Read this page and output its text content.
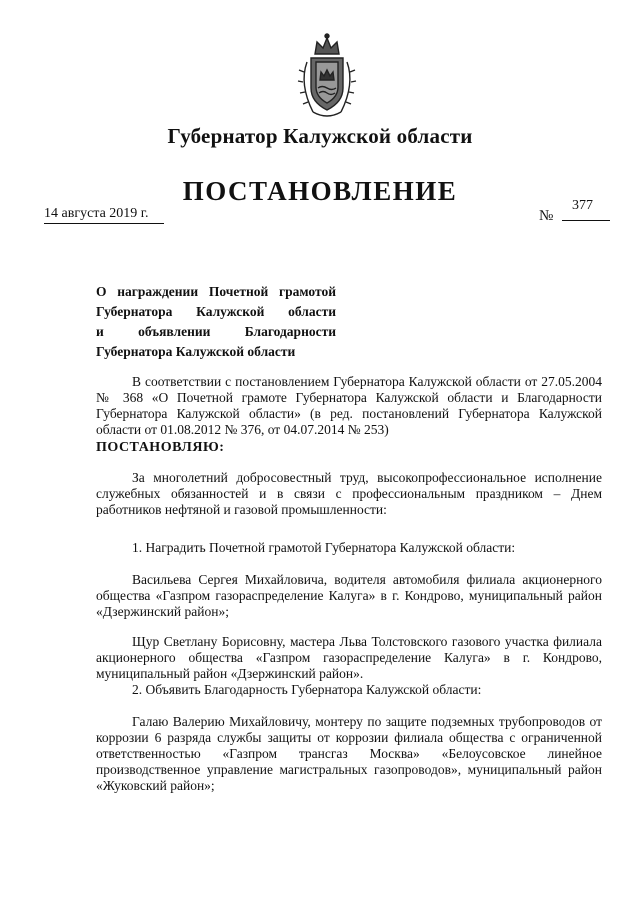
Губернатор Калужской области
ПОСТАНОВЛЕНИЕ
14 августа 2019 г.	№
377
О награждении Почетной грамотой
Губернатора Калужской области
и объявлении Благодарности
Губернатора Калужской области

В соответствии с постановлением Губернатора Калужской области от 27.05.2004 № 368 «О Почетной грамоте Губернатора Калужской области и Благодарности Губернатора Калужской области» (в ред. постановлений Губернатора Калужской области от 01.08.2012 № 376, от 04.07.2014 № 253)

ПОСТАНОВЛЯЮ:

За многолетний добросовестный труд, высокопрофессиональное исполнение служебных обязанностей и в связи с профессиональным праздником – Днем работников нефтяной и газовой промышленности:

1. Наградить Почетной грамотой Губернатора Калужской области:

Васильева Сергея Михайловича, водителя автомобиля филиала акционерного общества «Газпром газораспределение Калуга» в г. Кондрово, муниципальный район «Дзержинский район»;

Щур Светлану Борисовну, мастера Льва Толстовского газового участка филиала акционерного общества «Газпром газораспределение Калуга» в г. Кондрово, муниципальный район «Дзержинский район».

2. Объявить Благодарность Губернатора Калужской области:

Галаю Валерию Михайловичу, монтеру по защите подземных трубопроводов от коррозии 6 разряда службы защиты от коррозии филиала общества с ограниченной ответственностью «Газпром трансгаз Москва» «Белоусовское линейное производственное управление магистральных газопроводов», муниципальный район «Жуковский район»;
